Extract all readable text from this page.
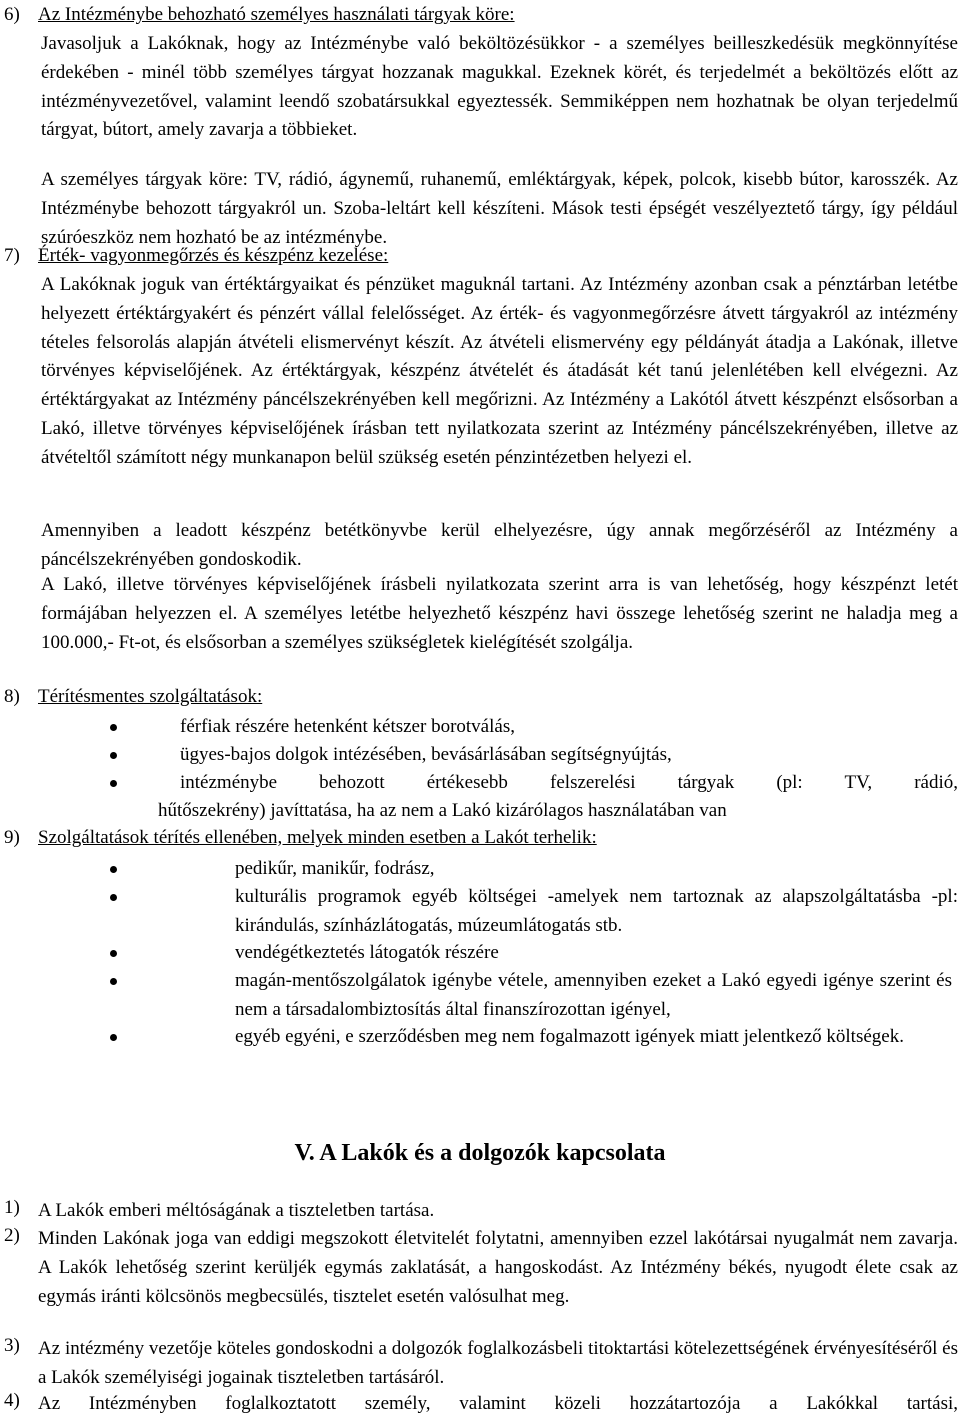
6) Az Intézménybe behozható személyes használati tárgyak köre:
Javasoljuk a Lakóknak, hogy az Intézménybe való beköltözésükkor - a személyes beilleszkedésük megkönnyítése érdekében - minél több személyes tárgyat hozzanak magukkal. Ezeknek körét, és terjedelmét a beköltözés előtt az intézményvezetővel, valamint leendő szobatársukkal egyeztessék. Semmiképpen nem hozhatnak be olyan terjedelmű tárgyat, bútort, amely zavarja a többieket.
A személyes tárgyak köre: TV, rádió, ágynemű, ruhanemű, emléktárgyak, képek, polcok, kisebb bútor, karosszék. Az Intézménybe behozott tárgyakról un. Szoba-leltárt kell készíteni. Mások testi épségét veszélyeztető tárgy, így például szúróeszköz nem hozható be az intézménybe.
7) Érték- vagyonmegőrzés és készpénz kezelése:
A Lakóknak joguk van értéktárgyaikat és pénzüket maguknál tartani. Az Intézmény azonban csak a pénztárban letétbe helyezett értéktárgyakért és pénzért vállal felelősséget. Az érték- és vagyonmegőrzésre átvett tárgyakról az intézmény tételes felsorolás alapján átvételi elismervényt készít. Az átvételi elismervény egy példányát átadja a Lakónak, illetve törvényes képviselőjének. Az értéktárgyak, készpénz átvételét és átadását két tanú jelenlétében kell elvégezni. Az értéktárgyakat az Intézmény páncélszekrényében kell megőrizni. Az Intézmény a Lakótól átvett készpénzt elsősorban a Lakó, illetve törvényes képviselőjének írásban tett nyilatkozata szerint az Intézmény páncélszekrényében, illetve az átvételtől számított négy munkanapon belül szükség esetén pénzintézetben helyezi el.
Amennyiben a leadott készpénz betétkönyvbe kerül elhelyezésre, úgy annak megőrzéséről az Intézmény a páncélszekrényében gondoskodik.
A Lakó, illetve törvényes képviselőjének írásbeli nyilatkozata szerint arra is van lehetőség, hogy készpénzt letét formájában helyezzen el. A személyes letétbe helyezhető készpénz havi összege lehetőség szerint ne haladja meg a 100.000,- Ft-ot, és elsősorban a személyes szükségletek kielégítését szolgálja.
8) Térítésmentes szolgáltatások:
férfiak részére hetenként kétszer borotválás,
ügyes-bajos dolgok intézésében, bevásárlásában segítségnyújtás,
intézménybe behozott értékesebb felszerelési tárgyak (pl: TV, rádió,
hűtőszekrény) javíttatása, ha az nem a Lakó kizárólagos használatában van
9) Szolgáltatások térítés ellenében, melyek minden esetben a Lakót terhelik:
pedikűr, manikűr, fodrász,
kulturális programok egyéb költségei -amelyek nem tartoznak az alapszolgáltatásba -pl: kirándulás, színházlátogatás, múzeumlátogatás stb.
vendégétkeztetés látogatók részére
magán-mentőszolgálatok igénybe vétele, amennyiben ezeket a Lakó egyedi igénye szerint és nem a társadalombiztosítás által finanszírozottan igényel,
egyéb egyéni, e szerződésben meg nem fogalmazott igények miatt jelentkező költségek.
V. A Lakók és a dolgozók kapcsolata
1) A Lakók emberi méltóságának a tiszteletben tartása.
2) Minden Lakónak joga van eddigi megszokott életvitelét folytatni, amennyiben ezzel lakótársai nyugalmát nem zavarja. A Lakók lehetőség szerint kerüljék egymás zaklatását, a hangoskodást. Az Intézmény békés, nyugodt élete csak az egymás iránti kölcsönös megbecsülés, tisztelet esetén valósulhat meg.
3) Az intézmény vezetője köteles gondoskodni a dolgozók foglalkozásbeli titoktartási kötelezettségének érvényesítéséről és a Lakók személyiségi jogainak tiszteletben tartásáról.
4) Az Intézményben foglalkoztatott személy, valamint közeli hozzátartozója a Lakókkal tartási,
